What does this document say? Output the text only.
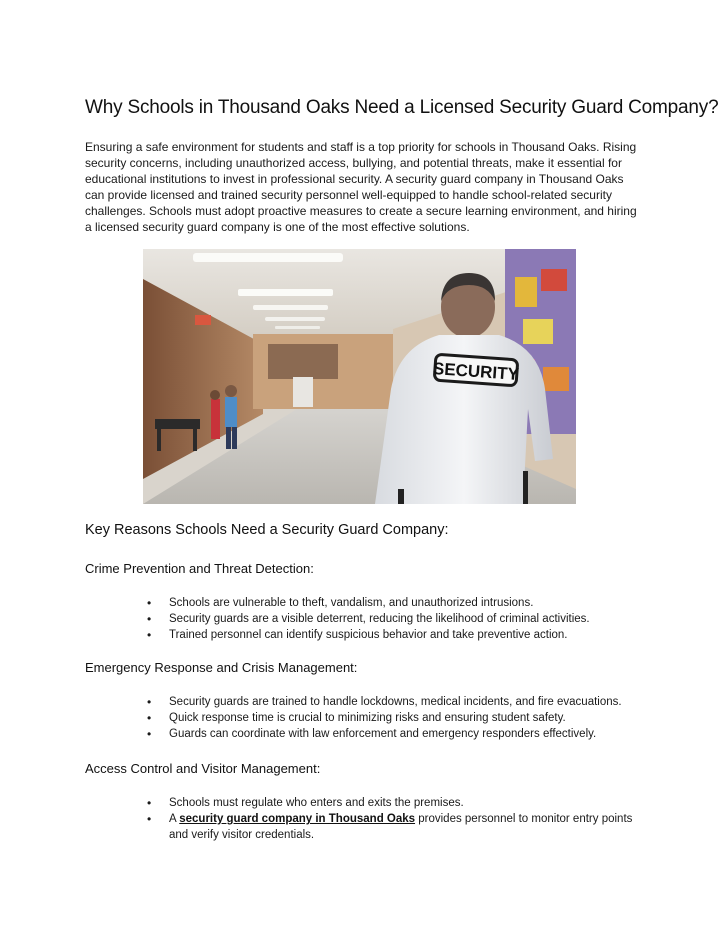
Why Schools in Thousand Oaks Need a Licensed Security Guard Company?

Ensuring a safe environment for students and staff is a top priority for schools in Thousand Oaks. Rising security concerns, including unauthorized access, bullying, and potential threats, make it essential for educational institutions to invest in professional security. A security guard company in Thousand Oaks can provide licensed and trained security personnel well-equipped to handle school-related security challenges. Schools must adopt proactive measures to create a secure learning environment, and hiring a licensed security guard company is one of the most effective solutions.

SECURITY
Key Reasons Schools Need a Security Guard Company:
Crime Prevention and Threat Detection:
• Schools are vulnerable to theft, vandalism, and unauthorized intrusions.
• Security guards are a visible deterrent, reducing the likelihood of criminal activities.
• Trained personnel can identify suspicious behavior and take preventive action.
Emergency Response and Crisis Management:
• Security guards are trained to handle lockdowns, medical incidents, and fire evacuations.
• Quick response time is crucial to minimizing risks and ensuring student safety.
• Guards can coordinate with law enforcement and emergency responders effectively.
Access Control and Visitor Management:
• Schools must regulate who enters and exits the premises.
• A security guard company in Thousand Oaks provides personnel to monitor entry points and verify visitor credentials.
